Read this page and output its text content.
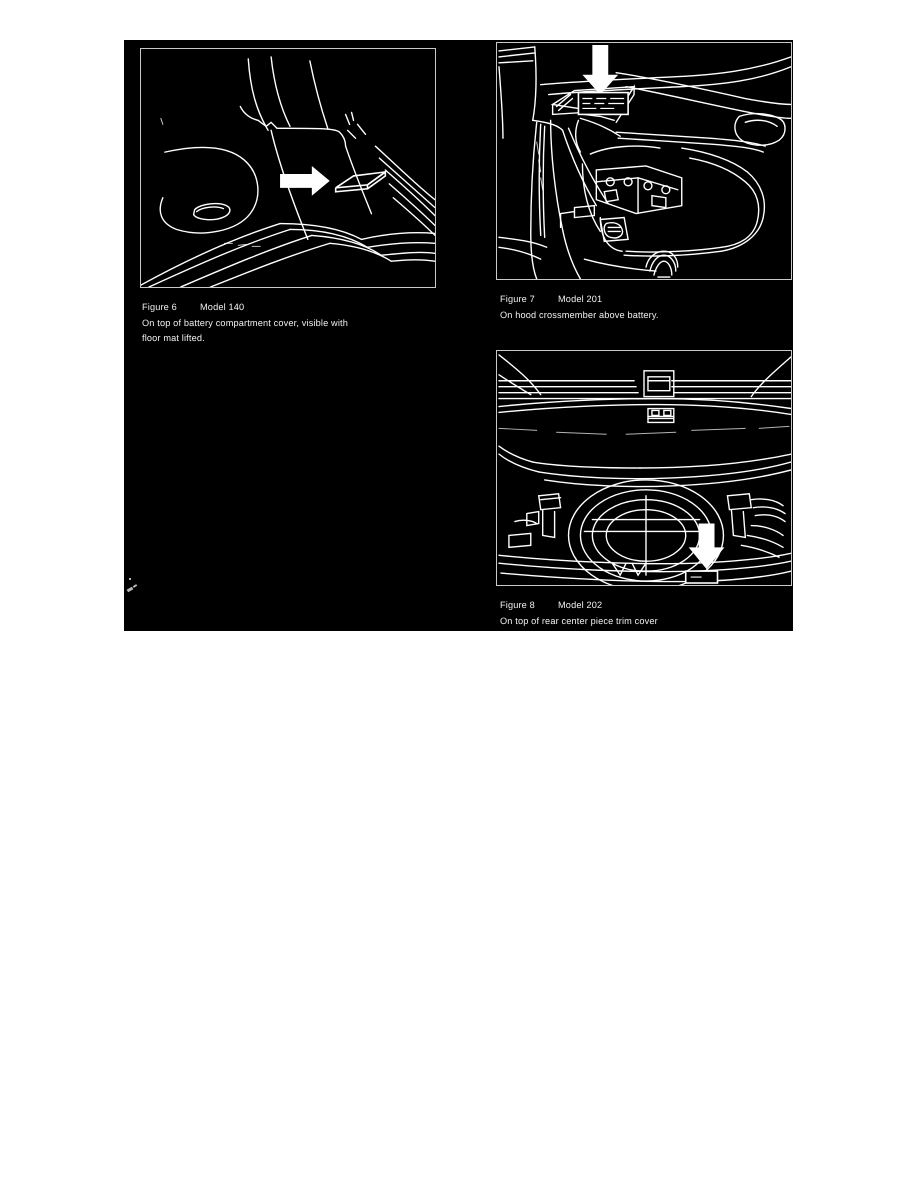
Figure 6	Model 140
On top of battery compartment cover, visible with
floor mat lifted.
Figure 7	Model 201
On hood crossmember above battery.
Figure 8	Model 202
On top of rear center piece trim cover
